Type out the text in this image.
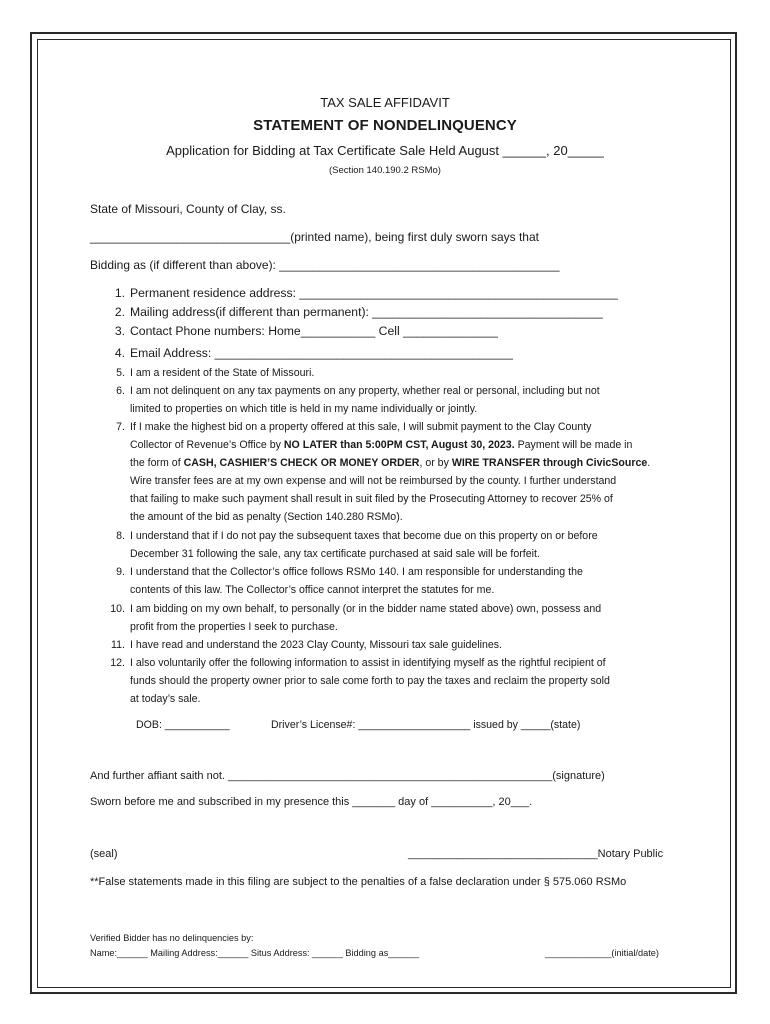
TAX SALE AFFIDAVIT
STATEMENT OF NONDELINQUENCY
Application for Bidding at Tax Certificate Sale Held August ______, 20_____
(Section 140.190.2 RSMo)
State of Missouri, County of Clay, ss.
______________________________(printed name), being first duly sworn says that
Bidding as (if different than above): __________________________________________
1. Permanent residence address: _______________________________________________
2. Mailing address(if different than permanent): __________________________________
3. Contact Phone numbers: Home___________ Cell ______________
4. Email Address: ____________________________________________
5. I am a resident of the State of Missouri.
6. I am not delinquent on any tax payments on any property, whether real or personal, including but not
limited to properties on which title is held in my name individually or jointly.
7. If I make the highest bid on a property offered at this sale, I will submit payment to the Clay County
Collector of Revenue’s Office by NO LATER than 5:00PM CST, August 30, 2023. Payment will be made in
the form of CASH, CASHIER’S CHECK OR MONEY ORDER, or by WIRE TRANSFER through CivicSource.
Wire transfer fees are at my own expense and will not be reimbursed by the county. I further understand
that failing to make such payment shall result in suit filed by the Prosecuting Attorney to recover 25% of
the amount of the bid as penalty (Section 140.280 RSMo).
8. I understand that if I do not pay the subsequent taxes that become due on this property on or before
December 31 following the sale, any tax certificate purchased at said sale will be forfeit.
9. I understand that the Collector’s office follows RSMo 140. I am responsible for understanding the
contents of this law. The Collector’s office cannot interpret the statutes for me.
10. I am bidding on my own behalf, to personally (or in the bidder name stated above) own, possess and
profit from the properties I seek to purchase.
11. I have read and understand the 2023 Clay County, Missouri tax sale guidelines.
12. I also voluntarily offer the following information to assist in identifying myself as the rightful recipient of
funds should the property owner prior to sale come forth to pay the taxes and reclaim the property sold
at today’s sale.
DOB: ___________	Driver’s License#: ___________________ issued by _____(state)
And further affiant saith not. _____________________________________________________(signature)
Sworn before me and subscribed in my presence this _______ day of __________, 20___.
(seal)	_______________________________Notary Public
**False statements made in this filing are subject to the penalties of a false declaration under § 575.060 RSMo
Verified Bidder has no delinquencies by:
Name:______ Mailing Address:______ Situs Address: ______ Bidding as______	_____________(initial/date)
